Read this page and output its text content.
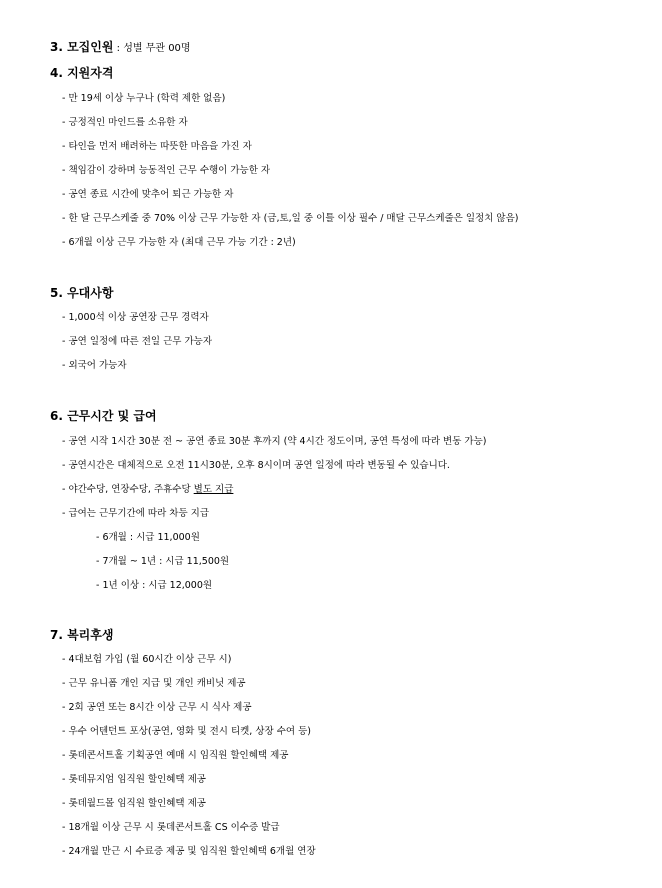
3. 모집인원 : 성별 무관 00명
4. 지원자격
- 만 19세 이상 누구나 (학력 제한 없음)
- 긍정적인 마인드를 소유한 자
- 타인을 먼저 배려하는 따뜻한 마음을 가진 자
- 책임감이 강하며 능동적인 근무 수행이 가능한 자
- 공연 종료 시간에 맞추어 퇴근 가능한 자
- 한 달 근무스케줄 중 70% 이상 근무 가능한 자 (금,토,일 중 이틀 이상 필수 / 매달 근무스케줄은 일정치 않음)
- 6개월 이상 근무 가능한 자 (최대 근무 가능 기간 : 2년)
5. 우대사항
- 1,000석 이상 공연장 근무 경력자
- 공연 일정에 따른 전일 근무 가능자
- 외국어 가능자
6. 근무시간 및 급여
- 공연 시작 1시간 30분 전 ~ 공연 종료 30분 후까지 (약 4시간 정도이며, 공연 특성에 따라 변동 가능)
- 공연시간은 대체적으로 오전 11시30분, 오후 8시이며 공연 일정에 따라 변동될 수 있습니다.
- 야간수당, 연장수당, 주휴수당 별도 지급
- 급여는 근무기간에 따라 차등 지급
- 6개월 : 시급 11,000원
- 7개월 ~ 1년 : 시급 11,500원
- 1년 이상 : 시급 12,000원
7. 복리후생
- 4대보험 가입 (월 60시간 이상 근무 시)
- 근무 유니폼 개인 지급 및 개인 캐비닛 제공
- 2회 공연 또는 8시간 이상 근무 시 식사 제공
- 우수 어텐던트 포상(공연, 영화 및 전시 티켓, 상장 수여 등)
- 롯데콘서트홀 기획공연 예매 시 임직원 할인혜택 제공
- 롯데뮤지엄 임직원 할인혜택 제공
- 롯데월드몰 임직원 할인혜택 제공
- 18개월 이상 근무 시 롯데콘서트홀 CS 이수증 발급
- 24개월 만근 시 수료증 제공 및 임직원 할인혜택 6개월 연장
